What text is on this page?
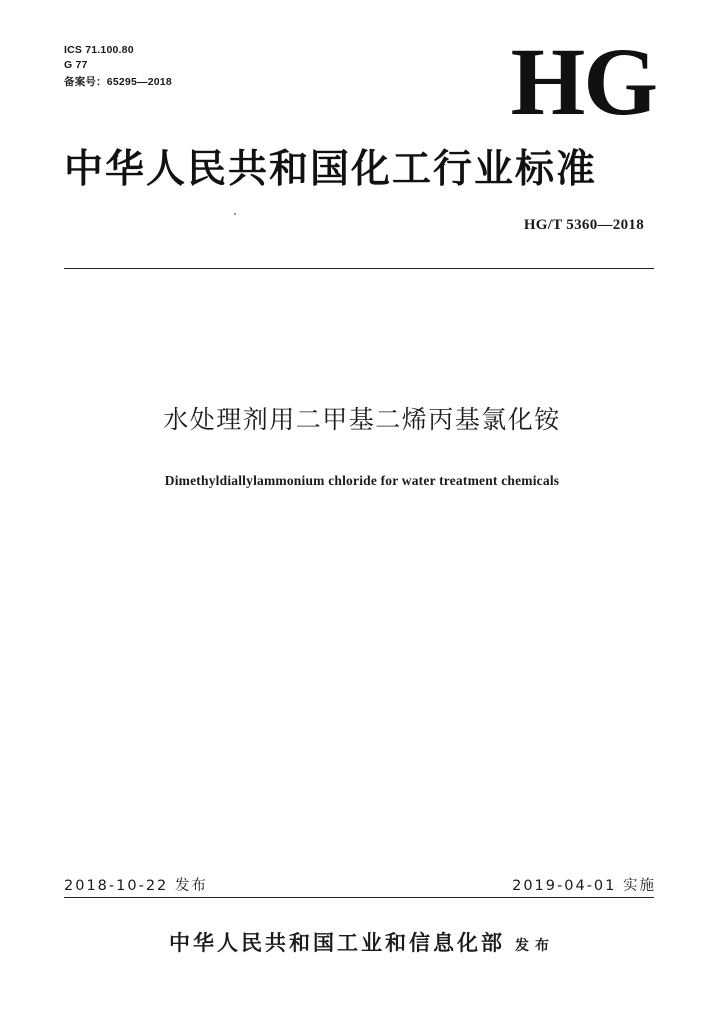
ICS 71.100.80
G 77
备案号：65295—2018	HG
中华人民共和国化工行业标准
HG/T 5360—2018
水处理剂用二甲基二烯丙基氯化铵
Dimethyldiallylammonium chloride for water treatment chemicals
2018-10-22 发布	2019-04-01 实施
中华人民共和国工业和信息化部 发布
